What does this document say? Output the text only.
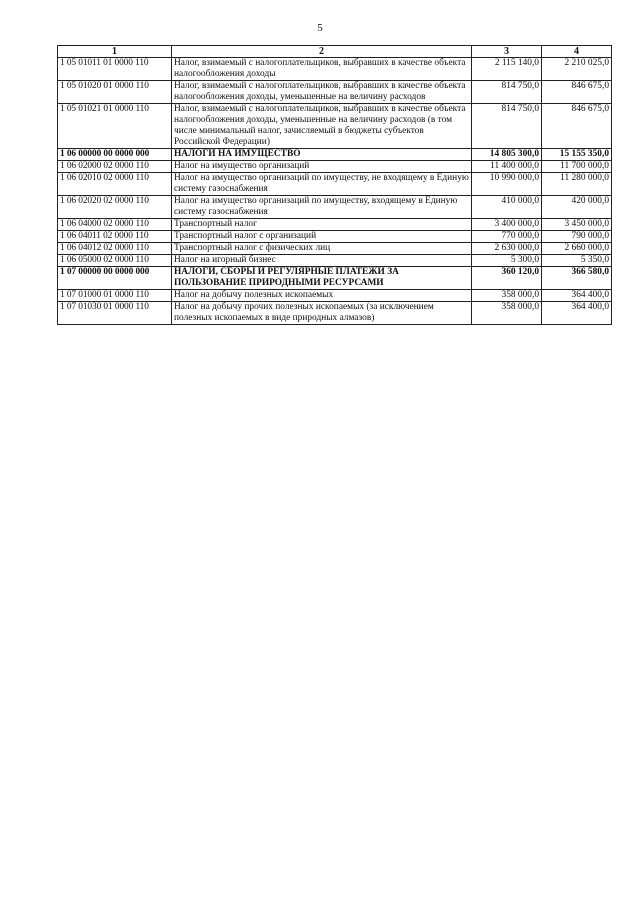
5
1	2	3	4
1 05 01011 01 0000 110	Налог, взимаемый с налогоплательщиков, выбравших в качестве объекта налогообложения доходы	2 115 140,0	2 210 025,0
1 05 01020 01 0000 110	Налог, взимаемый с налогоплательщиков, выбравших в качестве объекта налогообложения доходы, уменьшенные на величину расходов	814 750,0	846 675,0
1 05 01021 01 0000 110	Налог, взимаемый с налогоплательщиков, выбравших в качестве объекта налогообложения доходы, уменьшенные на величину расходов (в том числе минимальный налог, зачисляемый в бюджеты субъектов Российской Федерации)	814 750,0	846 675,0
1 06 00000 00 0000 000	НАЛОГИ НА ИМУЩЕСТВО	14 805 300,0	15 155 350,0
1 06 02000 02 0000 110	Налог на имущество организаций	11 400 000,0	11 700 000,0
1 06 02010 02 0000 110	Налог на имущество организаций по имуществу, не входящему в Единую систему газоснабжения	10 990 000,0	11 280 000,0
1 06 02020 02 0000 110	Налог на имущество организаций по имуществу, входящему в Единую систему газоснабжения	410 000,0	420 000,0
1 06 04000 02 0000 110	Транспортный налог	3 400 000,0	3 450 000,0
1 06 04011 02 0000 110	Транспортный налог с организаций	770 000,0	790 000,0
1 06 04012 02 0000 110	Транспортный налог с физических лиц	2 630 000,0	2 660 000,0
1 06 05000 02 0000 110	Налог на игорный бизнес	5 300,0	5 350,0
1 07 00000 00 0000 000	НАЛОГИ, СБОРЫ И РЕГУЛЯРНЫЕ ПЛАТЕЖИ ЗА ПОЛЬЗОВАНИЕ ПРИРОДНЫМИ РЕСУРСАМИ	360 120,0	366 580,0
1 07 01000 01 0000 110	Налог на добычу полезных ископаемых	358 000,0	364 400,0
1 07 01030 01 0000 110	Налог на добычу прочих полезных ископаемых (за исключением полезных ископаемых в виде природных алмазов)	358 000,0	364 400,0
